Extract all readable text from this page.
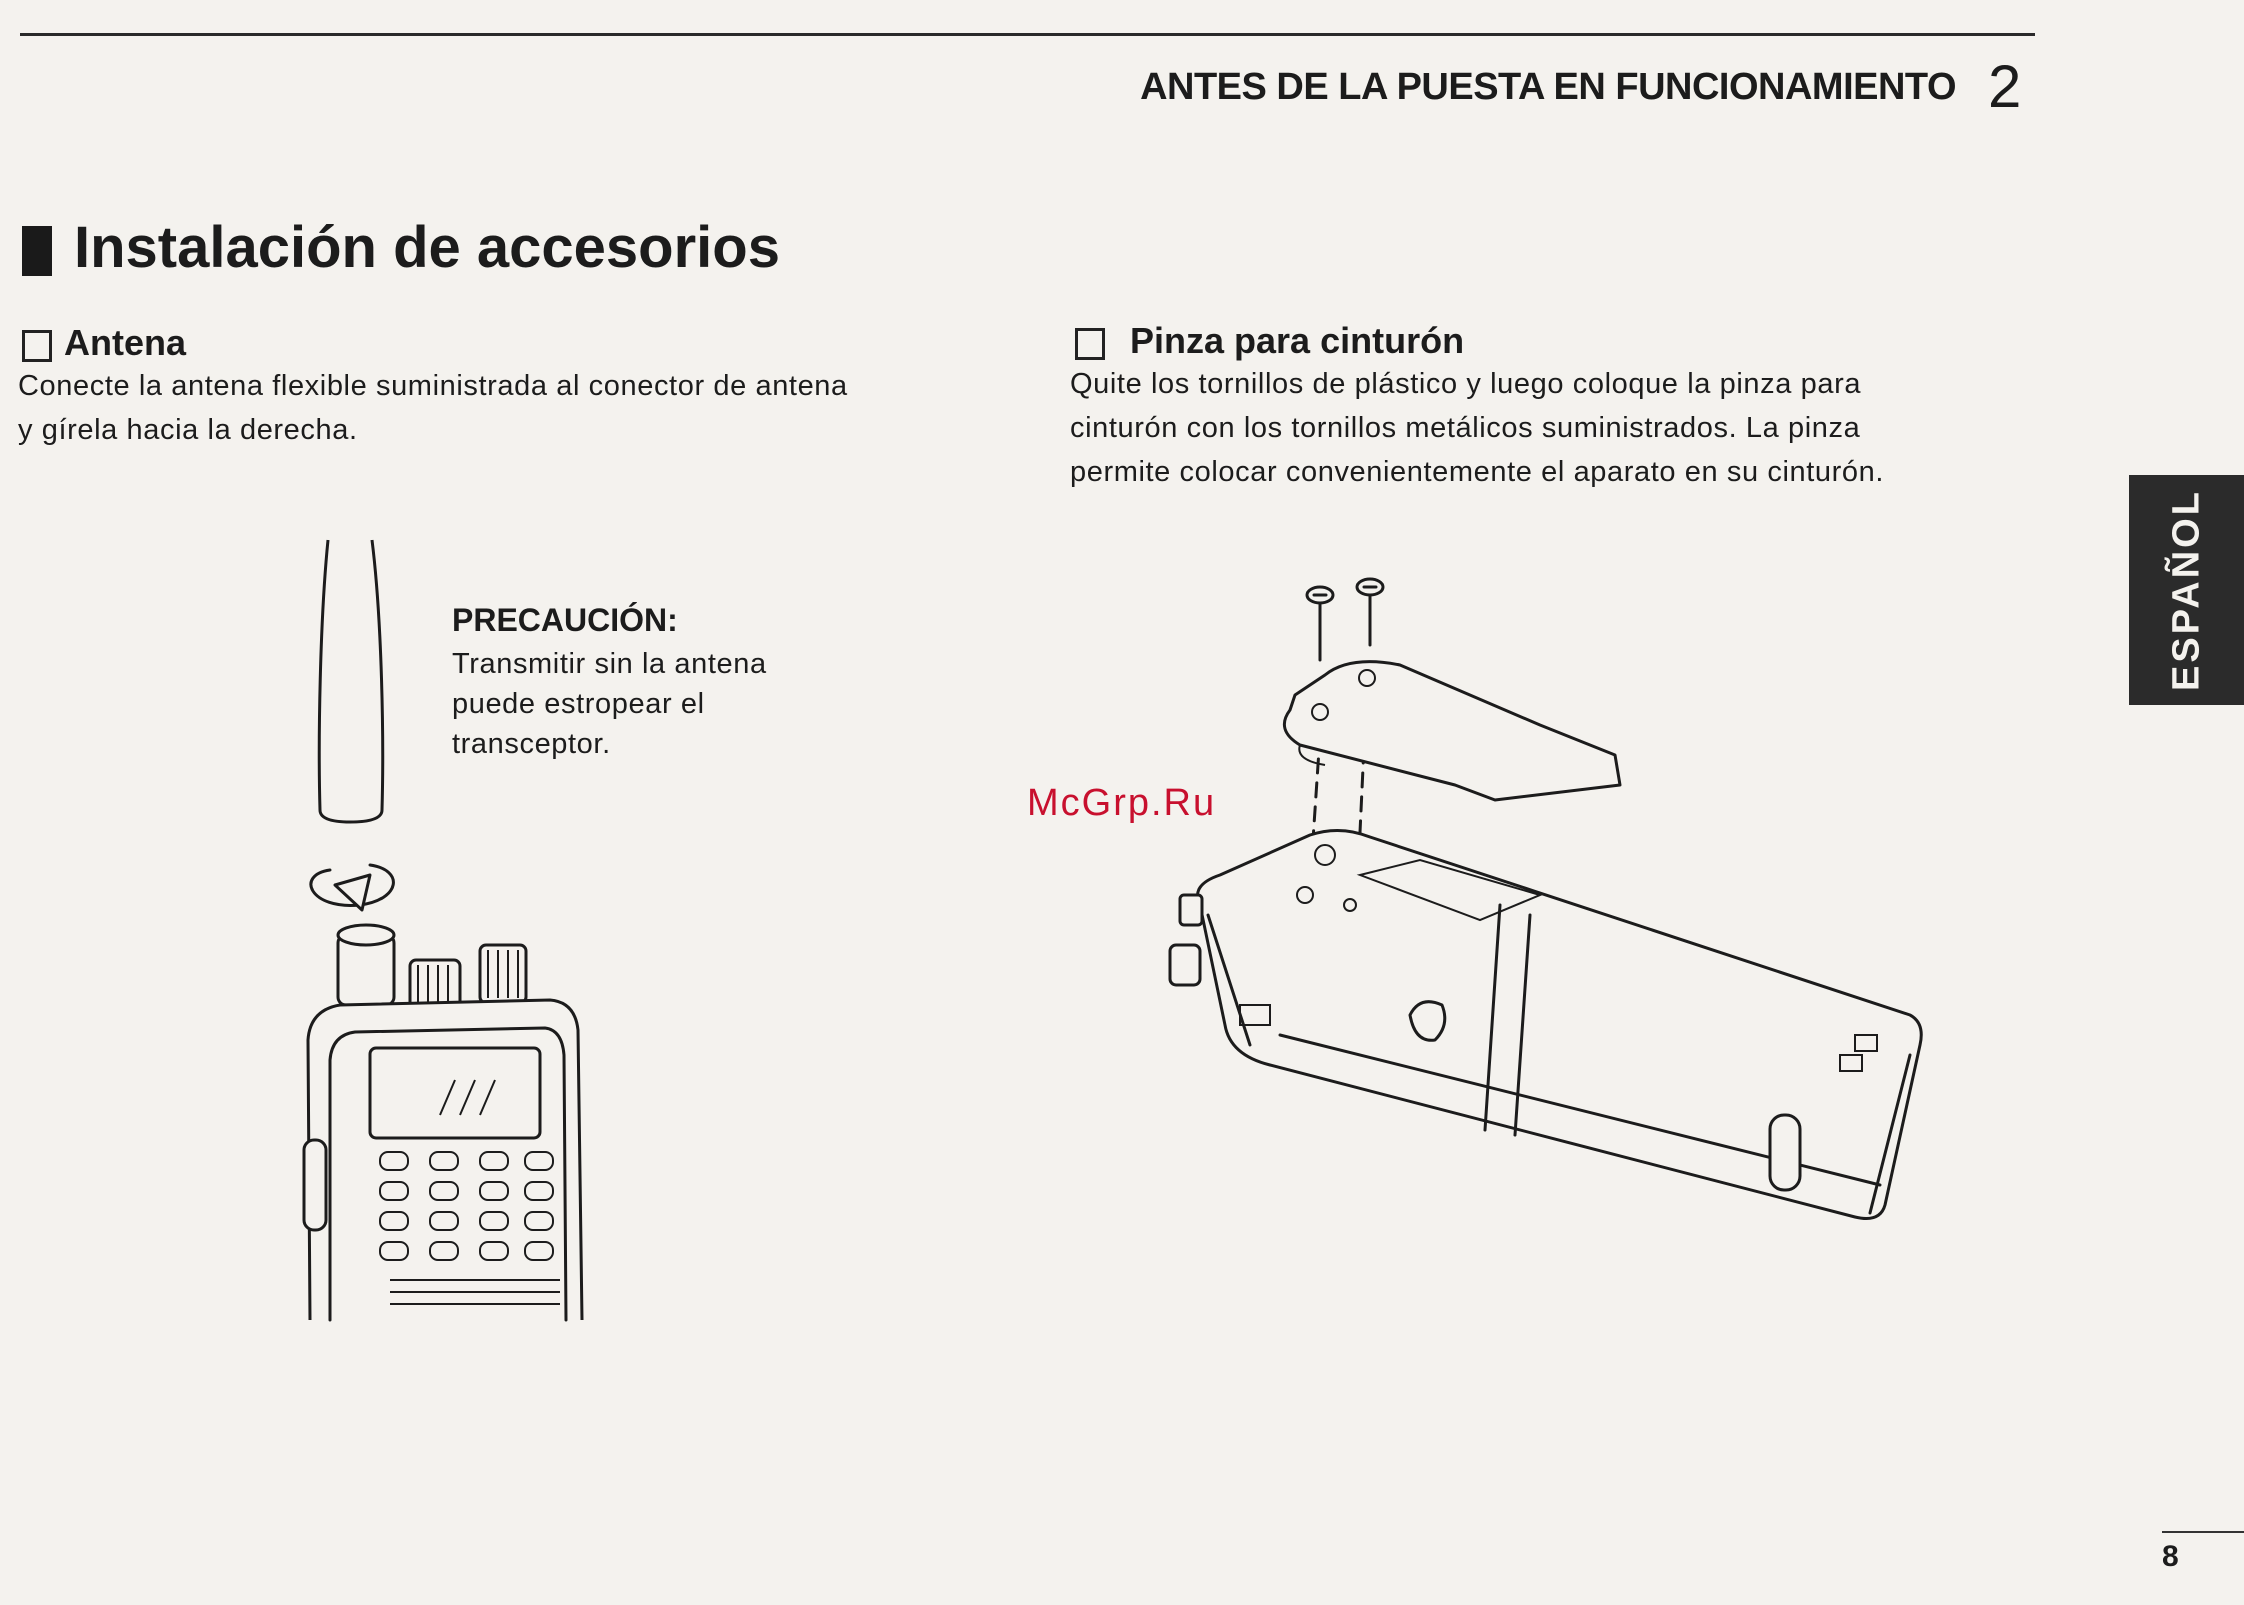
ANTES DE LA PUESTA EN FUNCIONAMIENTO 2
Instalación de accesorios
Antena
Conecte la antena flexible suministrada al conector de antena
y gírela hacia la derecha.
Pinza para cinturón
Quite los tornillos de plástico y luego coloque la pinza para
cinturón con los tornillos metálicos suministrados. La pinza
permite colocar convenientemente el aparato en su cinturón.
PRECAUCIÓN:
Transmitir sin la antena
puede estropear el
transceptor.
ESPAÑOL
McGrp.Ru
8
